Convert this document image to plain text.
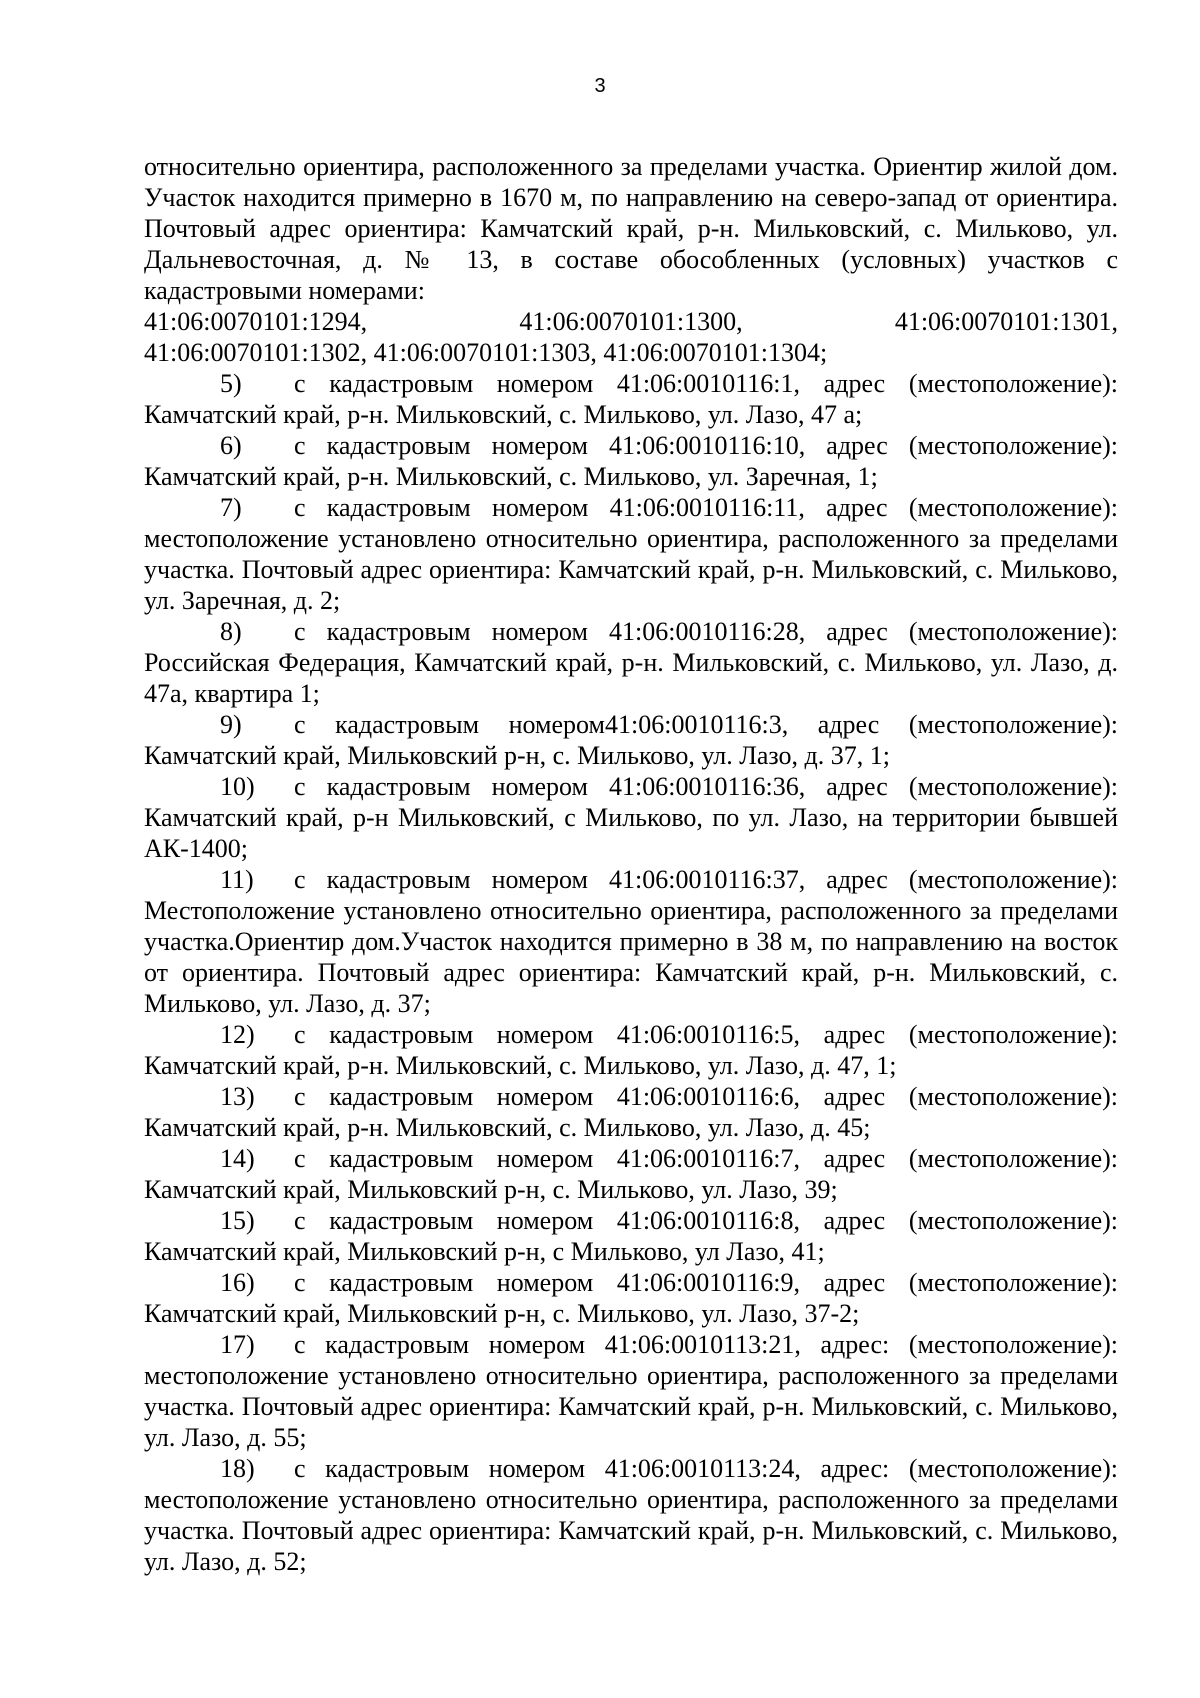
3

относительно ориентира, расположенного за пределами участка. Ориентир жилой дом. Участок находится примерно в 1670 м, по направлению на северо-запад от ориентира. Почтовый адрес ориентира: Камчатский край, р-н. Мильковский, с. Мильково, ул. Дальневосточная, д. № 13, в составе обособленных (условных) участков с кадастровыми номерами:

41:06:0070101:1294,	41:06:0070101:1300,	41:06:0070101:1301,

41:06:0070101:1302, 41:06:0070101:1303, 41:06:0070101:1304;

5) с кадастровым номером 41:06:0010116:1, адрес (местоположение): Камчатский край, р-н. Мильковский, с. Мильково, ул. Лазо, 47 а;

6) с кадастровым номером 41:06:0010116:10, адрес (местоположение): Камчатский край, р-н. Мильковский, с. Мильково, ул. Заречная, 1;

7) с кадастровым номером 41:06:0010116:11, адрес (местоположение): местоположение установлено относительно ориентира, расположенного за пределами участка. Почтовый адрес ориентира: Камчатский край, р-н. Мильковский, с. Мильково, ул. Заречная, д. 2;

8) с кадастровым номером 41:06:0010116:28, адрес (местоположение): Российская Федерация, Камчатский край, р-н. Мильковский, с. Мильково, ул. Лазо, д. 47а, квартира 1;

9) с кадастровым номером41:06:0010116:3, адрес (местоположение): Камчатский край, Мильковский р-н, с. Мильково, ул. Лазо, д. 37, 1;

10) с кадастровым номером 41:06:0010116:36, адрес (местоположение): Камчатский край, р-н Мильковский, с Мильково, по ул. Лазо, на территории бывшей АК-1400;

11) с кадастровым номером 41:06:0010116:37, адрес (местоположение): Местоположение установлено относительно ориентира, расположенного за пределами участка.Ориентир дом.Участок находится примерно в 38 м, по направлению на восток от ориентира. Почтовый адрес ориентира: Камчатский край, р-н. Мильковский, с. Мильково, ул. Лазо, д. 37;

12) с кадастровым номером 41:06:0010116:5, адрес (местоположение): Камчатский край, р-н. Мильковский, с. Мильково, ул. Лазо, д. 47, 1;

13) с кадастровым номером 41:06:0010116:6, адрес (местоположение): Камчатский край, р-н. Мильковский, с. Мильково, ул. Лазо, д. 45;

14) с кадастровым номером 41:06:0010116:7, адрес (местоположение): Камчатский край, Мильковский р-н, с. Мильково, ул. Лазо, 39;

15) с кадастровым номером 41:06:0010116:8, адрес (местоположение): Камчатский край, Мильковский р-н, с Мильково, ул Лазо, 41;

16) с кадастровым номером 41:06:0010116:9, адрес (местоположение): Камчатский край, Мильковский р-н, с. Мильково, ул. Лазо, 37-2;

17) с кадастровым номером 41:06:0010113:21, адрес: (местоположение): местоположение установлено относительно ориентира, расположенного за пределами участка. Почтовый адрес ориентира: Камчатский край, р-н. Мильковский, с. Мильково, ул. Лазо, д. 55;

18) с кадастровым номером 41:06:0010113:24, адрес: (местоположение): местоположение установлено относительно ориентира, расположенного за пределами участка. Почтовый адрес ориентира: Камчатский край, р-н. Мильковский, с. Мильково, ул. Лазо, д. 52;
